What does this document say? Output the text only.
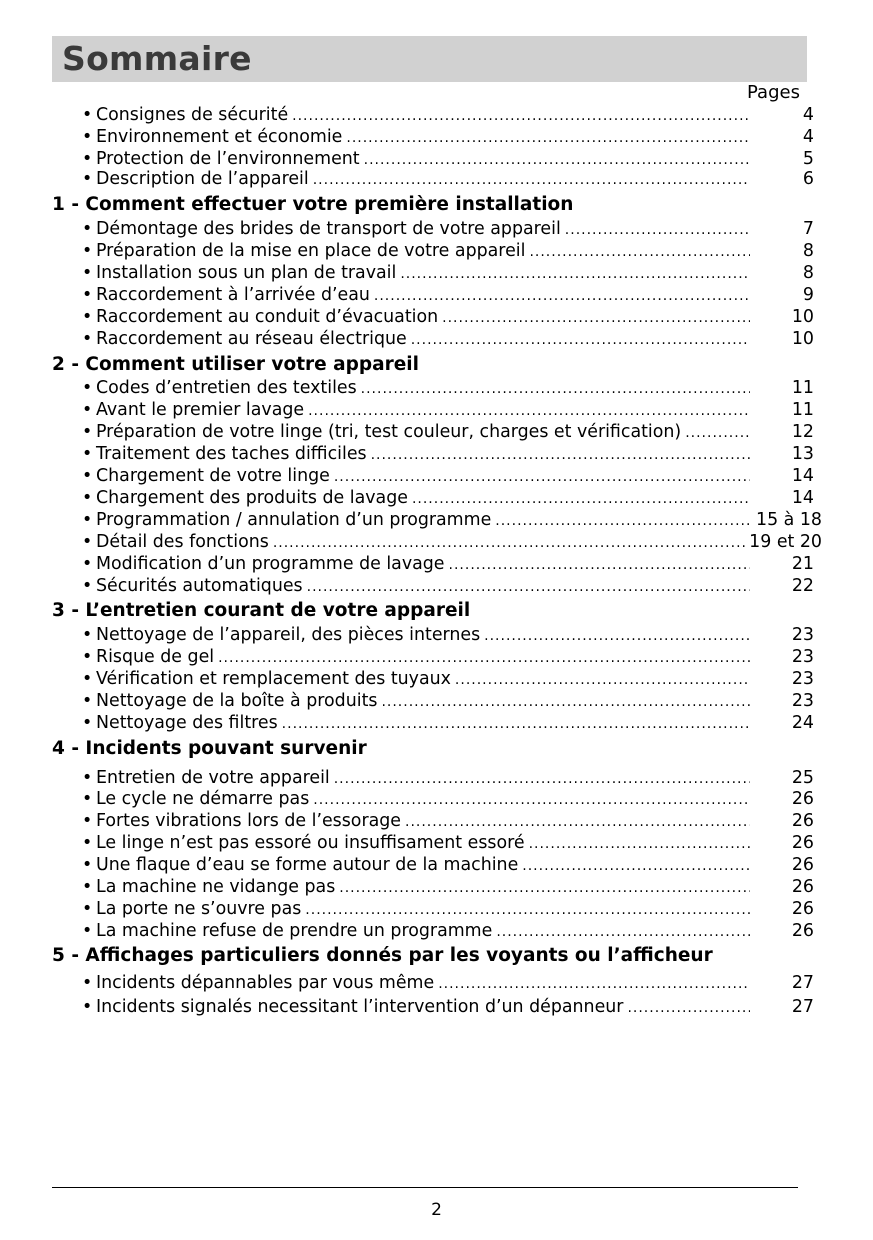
Sommaire
Pages
• Consignes de sécurité .....	4
• Environnement et économie .....	4
• Protection de l’environnement .....	5
• Description de l’appareil .....	6
1 - Comment effectuer votre première installation
• Démontage des brides de transport de votre appareil .....	7
• Préparation de la mise en place de votre appareil .....	8
• Installation sous un plan de travail .....	8
• Raccordement à l’arrivée d’eau .....	9
• Raccordement au conduit d’évacuation .....	10
• Raccordement au réseau électrique .....	10
2 - Comment utiliser votre appareil
• Codes d’entretien des textiles .....	11
• Avant le premier lavage .....	11
• Préparation de votre linge (tri, test couleur, charges et vérification) .....	12
• Traitement des taches difficiles .....	13
• Chargement de votre linge .....	14
• Chargement des produits de lavage .....	14
• Programmation / annulation d’un programme .....	15 à 18
• Détail des fonctions .....	19 et 20
• Modification d’un programme de lavage .....	21
• Sécurités automatiques .....	22
3 - L’entretien courant de votre appareil
• Nettoyage de l’appareil, des pièces internes .....	23
• Risque de gel .....	23
• Vérification et remplacement des tuyaux .....	23
• Nettoyage de la boîte à produits .....	23
• Nettoyage des filtres .....	24
4 - Incidents pouvant survenir
• Entretien de votre appareil .....	25
• Le cycle ne démarre pas .....	26
• Fortes vibrations lors de l’essorage .....	26
• Le linge n’est pas essoré ou insuffisament essoré .....	26
• Une flaque d’eau se forme autour de la machine .....	26
• La machine ne vidange pas .....	26
• La porte ne s’ouvre pas .....	26
• La machine refuse de prendre un programme .....	26
5 - Affichages particuliers donnés par les voyants ou l’afficheur
• Incidents dépannables par vous même .....	27
• Incidents signalés necessitant l’intervention d’un dépanneur .....	27
2
